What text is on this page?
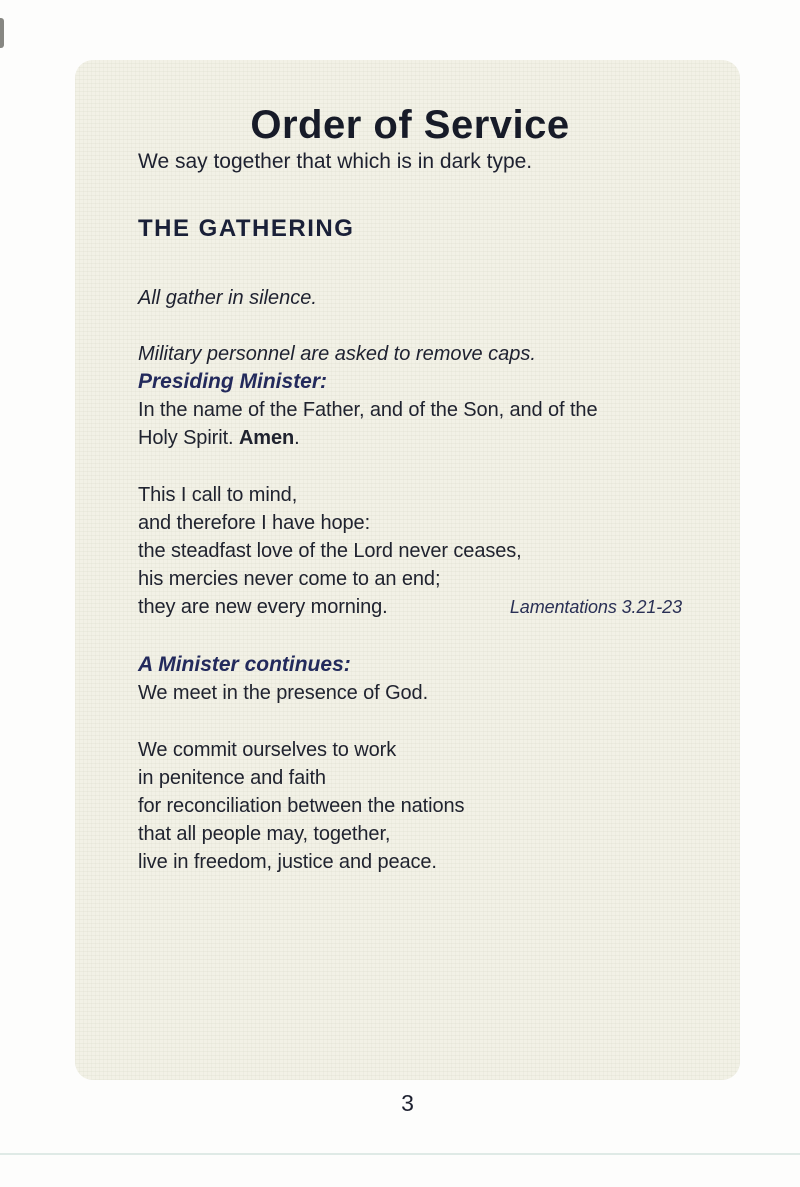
Order of Service

We say together that which is in dark type.

THE GATHERING

All gather in silence.

Military personnel are asked to remove caps.

Presiding Minister:

In the name of the Father, and of the Son, and of the
Holy Spirit. Amen.

This I call to mind,

and therefore I have hope:

the steadfast love of the Lord never ceases,

his mercies never come to an end;

they are new every morning.	Lamentations 3.21-23

A Minister continues:

We meet in the presence of God.

We commit ourselves to work

in penitence and faith

for reconciliation between the nations

that all people may, together,

live in freedom, justice and peace.

3
